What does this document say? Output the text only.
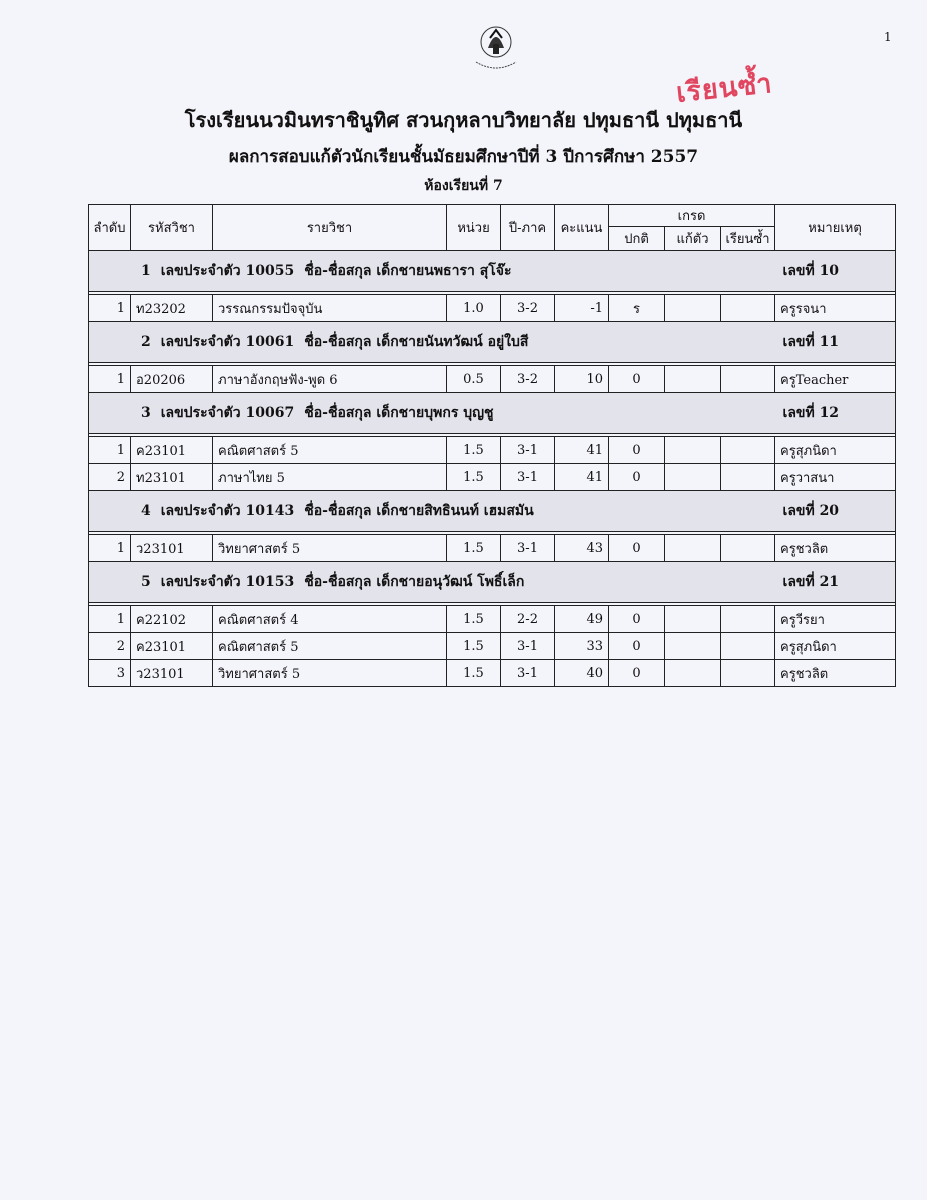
1
เรียนซ้ำ
โรงเรียนนวมินทราชินูทิศ สวนกุหลาบวิทยาลัย ปทุมธานี ปทุมธานี
ผลการสอบแก้ตัวนักเรียนชั้นมัธยมศึกษาปีที่ 3 ปีการศึกษา 2557
ห้องเรียนที่ 7
ลำดับ	รหัสวิชา	รายวิชา	หน่วย	ปี-ภาค	คะแนน	เกรด			หมายเหตุ
						ปกติ	แก้ตัว	เรียนซ้ำ	
1 เลขประจำตัว 10055 ชื่อ-ชื่อสกุล เด็กชายนพธารา สุโจ๊ะ									เลขที่ 10

1	ท23202	วรรณกรรมปัจจุบัน	1.0	3-2	-1	ร			ครูรจนา
2 เลขประจำตัว 10061 ชื่อ-ชื่อสกุล เด็กชายนันทวัฒน์ อยู่ใบสี									เลขที่ 11

1	อ20206	ภาษาอังกฤษฟัง-พูด 6	0.5	3-2	10	0			ครูTeacher
3 เลขประจำตัว 10067 ชื่อ-ชื่อสกุล เด็กชายบุพกร บุญชู									เลขที่ 12

1	ค23101	คณิตศาสตร์ 5	1.5	3-1	41	0			ครูสุภนิดา
2	ท23101	ภาษาไทย 5	1.5	3-1	41	0			ครูวาสนา
4 เลขประจำตัว 10143 ชื่อ-ชื่อสกุล เด็กชายสิทธินนท์ เฮมสมัน									เลขที่ 20

1	ว23101	วิทยาศาสตร์ 5	1.5	3-1	43	0			ครูชวลิต
5 เลขประจำตัว 10153 ชื่อ-ชื่อสกุล เด็กชายอนุวัฒน์ โพธิ์เล็ก									เลขที่ 21

1	ค22102	คณิตศาสตร์ 4	1.5	2-2	49	0			ครูวีรยา
2	ค23101	คณิตศาสตร์ 5	1.5	3-1	33	0			ครูสุภนิดา
3	ว23101	วิทยาศาสตร์ 5	1.5	3-1	40	0			ครูชวลิต
